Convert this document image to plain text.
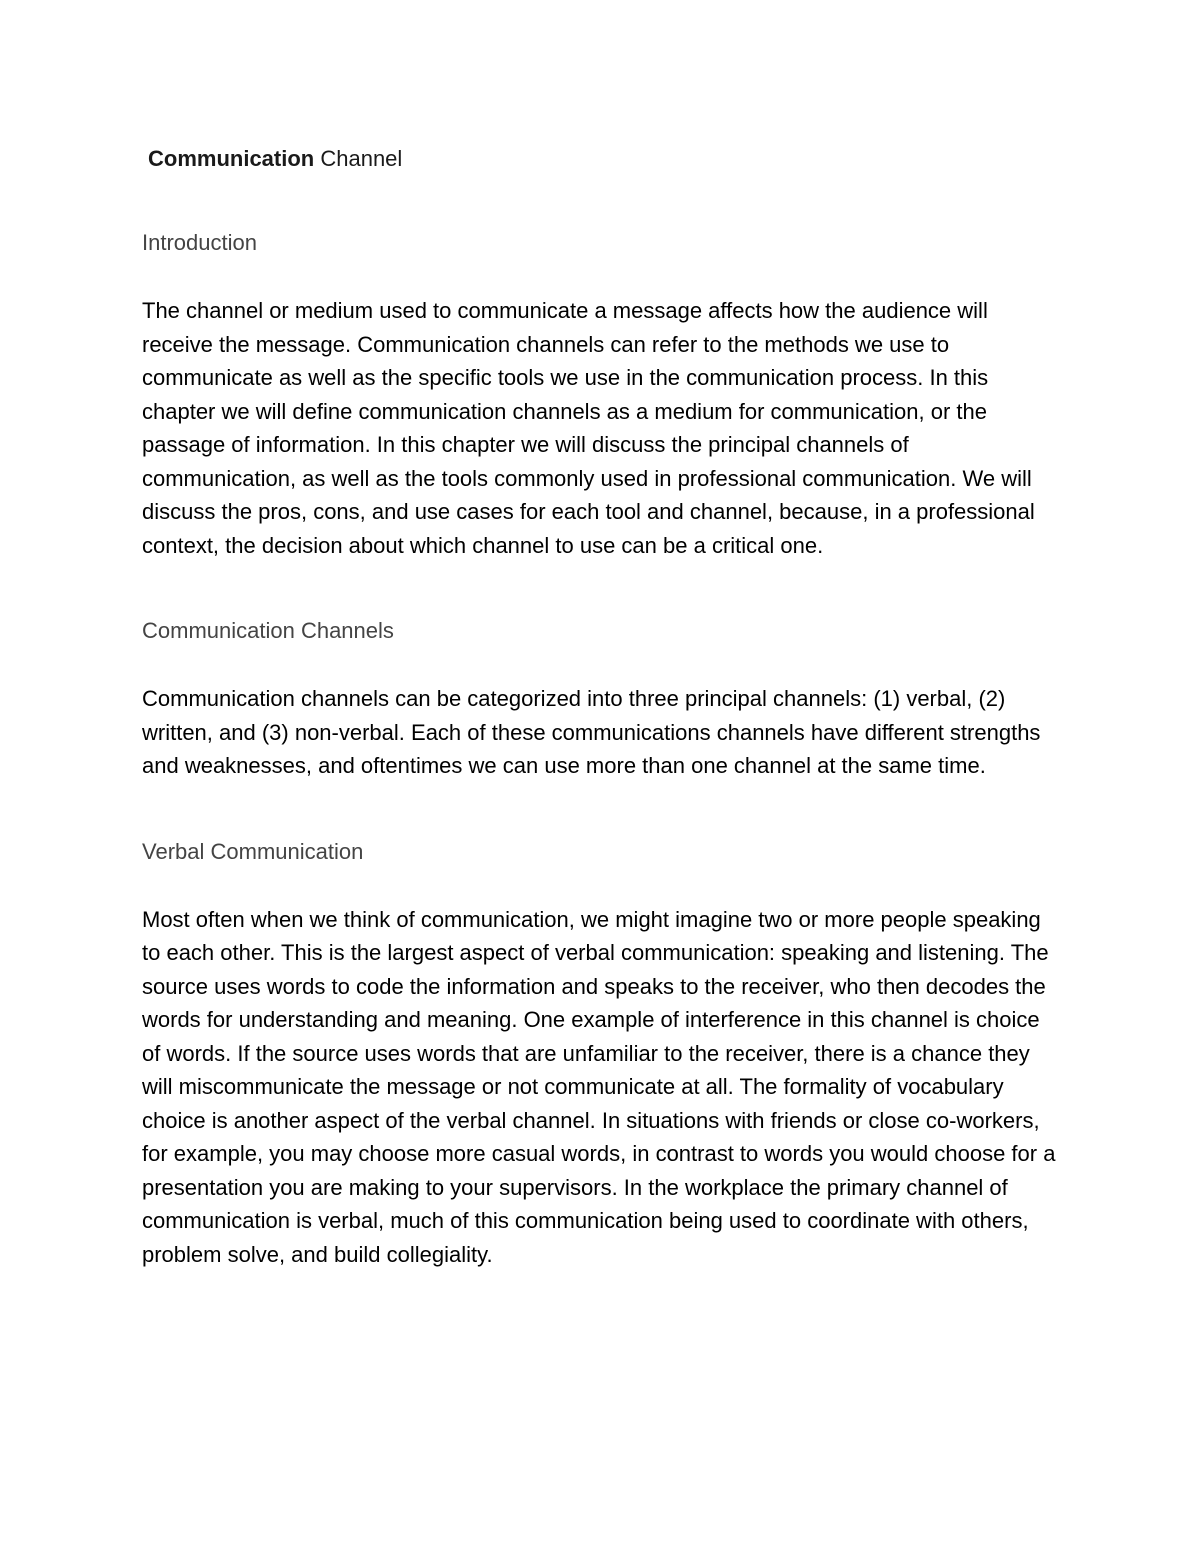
Communication Channel
Introduction

The channel or medium used to communicate a message affects how the audience will receive the message. Communication channels can refer to the methods we use to communicate as well as the specific tools we use in the communication process. In this chapter we will define communication channels as a medium for communication, or the passage of information. In this chapter we will discuss the principal channels of communication, as well as the tools commonly used in professional communication. We will discuss the pros, cons, and use cases for each tool and channel, because, in a professional context, the decision about which channel to use can be a critical one.

Communication Channels

Communication channels can be categorized into three principal channels: (1) verbal, (2) written, and (3) non-verbal. Each of these communications channels have different strengths and weaknesses, and oftentimes we can use more than one channel at the same time.

Verbal Communication

Most often when we think of communication, we might imagine two or more people speaking to each other. This is the largest aspect of verbal communication: speaking and listening. The source uses words to code the information and speaks to the receiver, who then decodes the words for understanding and meaning. One example of interference in this channel is choice of words. If the source uses words that are unfamiliar to the receiver, there is a chance they will miscommunicate the message or not communicate at all. The formality of vocabulary choice is another aspect of the verbal channel. In situations with friends or close co-workers, for example, you may choose more casual words, in contrast to words you would choose for a presentation you are making to your supervisors. In the workplace the primary channel of communication is verbal, much of this communication being used to coordinate with others, problem solve, and build collegiality.
